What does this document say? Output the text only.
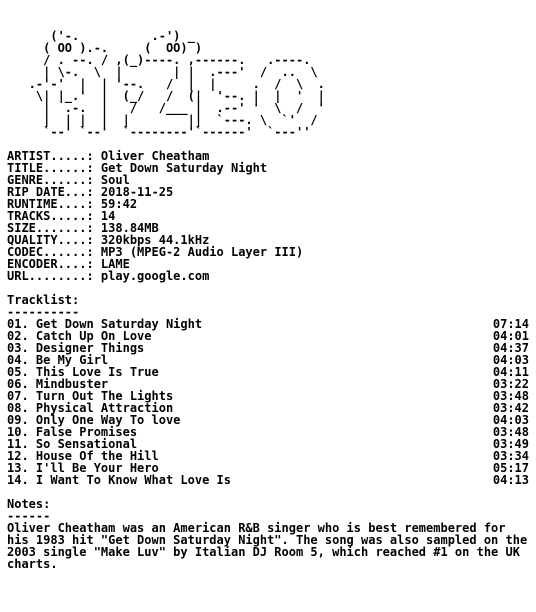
('-.          .-') _
( OO ).-.     (  OO) )
/ . --. / ,(_)----. ,------.   .----.
| \-.  \  |       | |  .---'  /  ..  \
.-'-'  |  | '--.   /  |  |     .  /  \  .
\| |_.'  |  (_/   /  (|  '--. |  |  '  |
|  .-.  |   /   /___ |  .--' '  \  /  '
|  | |  |  |        ||  `---. \  `'  /
`--' `--'  `--------'`------'  `---''
ARTIST.....: Oliver Cheatham
TITLE......: Get Down Saturday Night
GENRE......: Soul
RIP DATE...: 2018-11-25
RUNTIME....: 59:42
TRACKS.....: 14
SIZE.......: 138.84MB
QUALITY....: 320kbps 44.1kHz
CODEC......: MP3 (MPEG-2 Audio Layer III)
ENCODER....: LAME
URL........: play.google.com
Tracklist:
----------
01. Get Down Saturday Night	07:14
02. Catch Up On Love	04:01
03. Designer Things	04:37
04. Be My Girl	04:03
05. This Love Is True	04:11
06. Mindbuster	03:22
07. Turn Out The Lights	03:48
08. Physical Attraction	03:42
09. Only One Way To love	04:03
10. False Promises	03:48
11. So Sensational	03:49
12. House Of the Hill	03:34
13. I'll Be Your Hero	05:17
14. I Want To Know What Love Is	04:13
Notes:
------
Oliver Cheatham was an American R&B singer who is best remembered for his 1983 hit "Get Down Saturday Night". The song was also sampled on the 2003 single "Make Luv" by Italian DJ Room 5, which reached #1 on the UK charts.
